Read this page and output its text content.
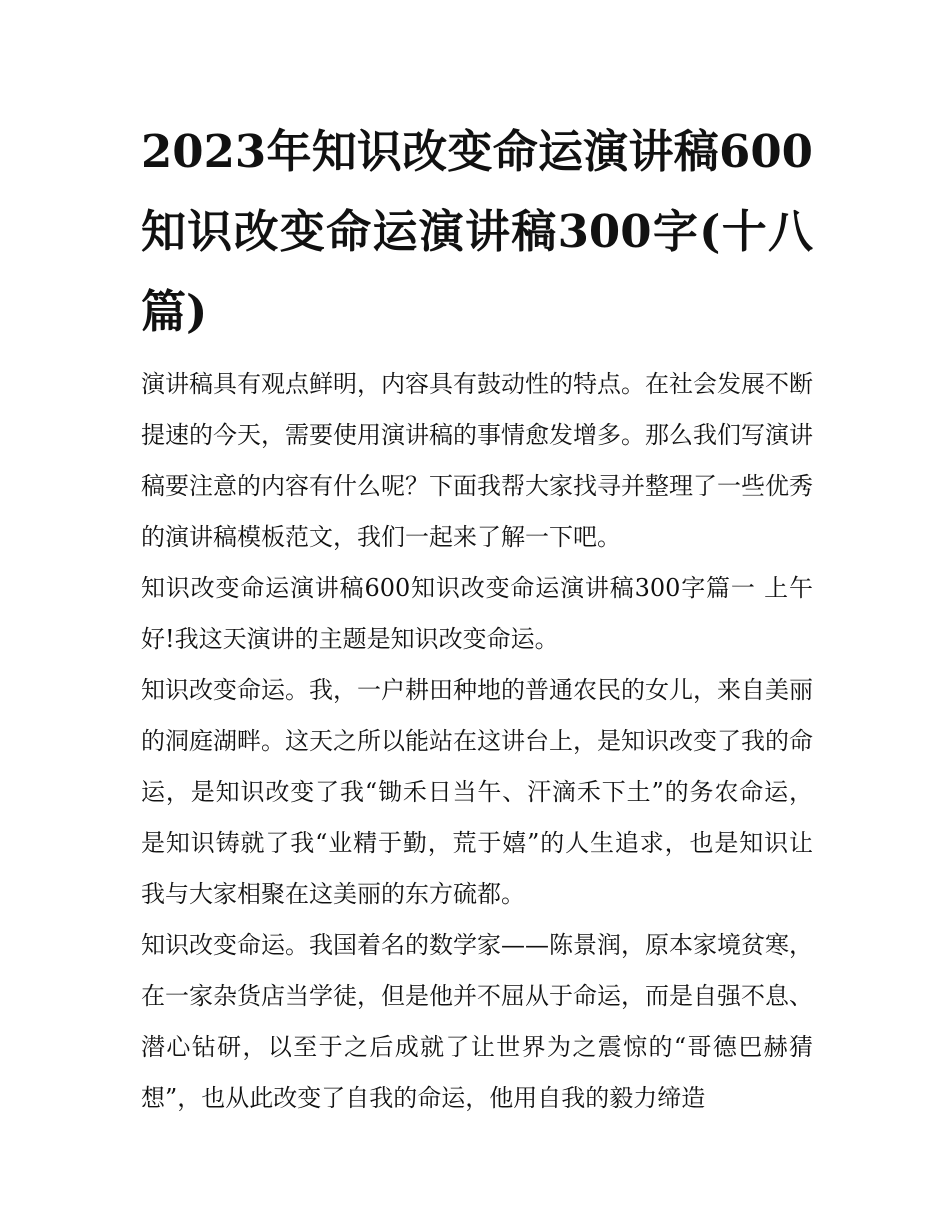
2023年知识改变命运演讲稿600知识改变命运演讲稿300字(十八篇)

演讲稿具有观点鲜明，内容具有鼓动性的特点。在社会发展不断提速的今天，需要使用演讲稿的事情愈发增多。那么我们写演讲稿要注意的内容有什么呢？下面我帮大家找寻并整理了一些优秀的演讲稿模板范文，我们一起来了解一下吧。

知识改变命运演讲稿600知识改变命运演讲稿300字篇一 上午好!我这天演讲的主题是知识改变命运。

知识改变命运。我，一户耕田种地的普通农民的女儿，来自美丽的洞庭湖畔。这天之所以能站在这讲台上，是知识改变了我的命运，是知识改变了我“锄禾日当午、汗滴禾下土”的务农命运，是知识铸就了我“业精于勤，荒于嬉”的人生追求，也是知识让我与大家相聚在这美丽的东方硫都。

知识改变命运。我国着名的数学家——陈景润，原本家境贫寒，在一家杂货店当学徒，但是他并不屈从于命运，而是自强不息、潜心钻研，以至于之后成就了让世界为之震惊的“哥德巴赫猜想”，也从此改变了自我的命运，他用自我的毅力缔造
